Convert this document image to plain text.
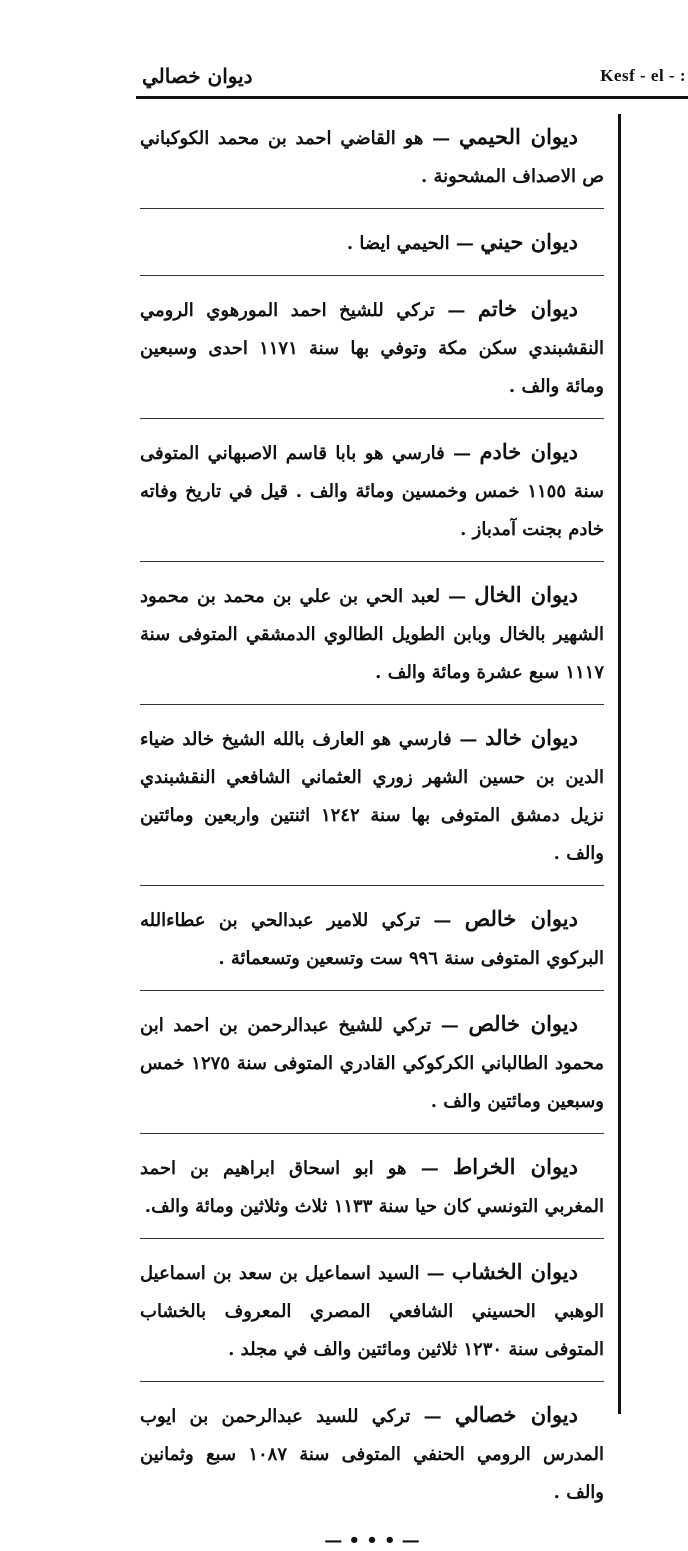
ديوان خصالي	Kesf - el - :

ديوان الحيمي — هو القاضي احمد بن محمد الكوكباني ص الاصداف المشحونة .

ديوان حيني — الحيمي ايضا .

ديوان خاتم — تركي للشيخ احمد المورهوي الرومي النقشبندي سكن مكة وتوفي بها سنة ١١٧١ احدى وسبعين ومائة والف .

ديوان خادم — فارسي هو بابا قاسم الاصبهاني المتوفى سنة ١١٥٥ خمس وخمسين ومائة والف . قيل في تاريخ وفاته خادم بجنت آمدباز .

ديوان الخال — لعبد الحي بن علي بن محمد بن محمود الشهير بالخال وبابن الطويل الطالوي الدمشقي المتوفى سنة ١١١٧ سبع عشرة ومائة والف .

ديوان خالد — فارسي هو العارف بالله الشيخ خالد ضياء الدين بن حسين الشهر زوري العثماني الشافعي النقشبندي نزيل دمشق المتوفى بها سنة ١٢٤٢ اثنتين واربعين ومائتين والف .

ديوان خالص — تركي للامير عبدالحي بن عطاءالله البركوي المتوفى سنة ٩٩٦ ست وتسعين وتسعمائة .

ديوان خالص — تركي للشيخ عبدالرحمن بن احمد ابن محمود الطالباني الكركوكي القادري المتوفى سنة ١٢٧٥ خمس وسبعين ومائتين والف .

ديوان الخراط — هو ابو اسحاق ابراهيم بن احمد المغربي التونسي كان حيا سنة ١١٣٣ ثلاث وثلاثين ومائة والف.

ديوان الخشاب — السيد اسماعيل بن سعد بن اسماعيل الوهبي الحسيني الشافعي المصري المعروف بالخشاب المتوفى سنة ١٢٣٠ ثلاثين ومائتين والف في مجلد .

ديوان خصالي — تركي للسيد عبدالرحمن بن ايوب المدرس الرومي الحنفي المتوفى سنة ١٠٨٧ سبع وثمانين والف .

— • • • —
